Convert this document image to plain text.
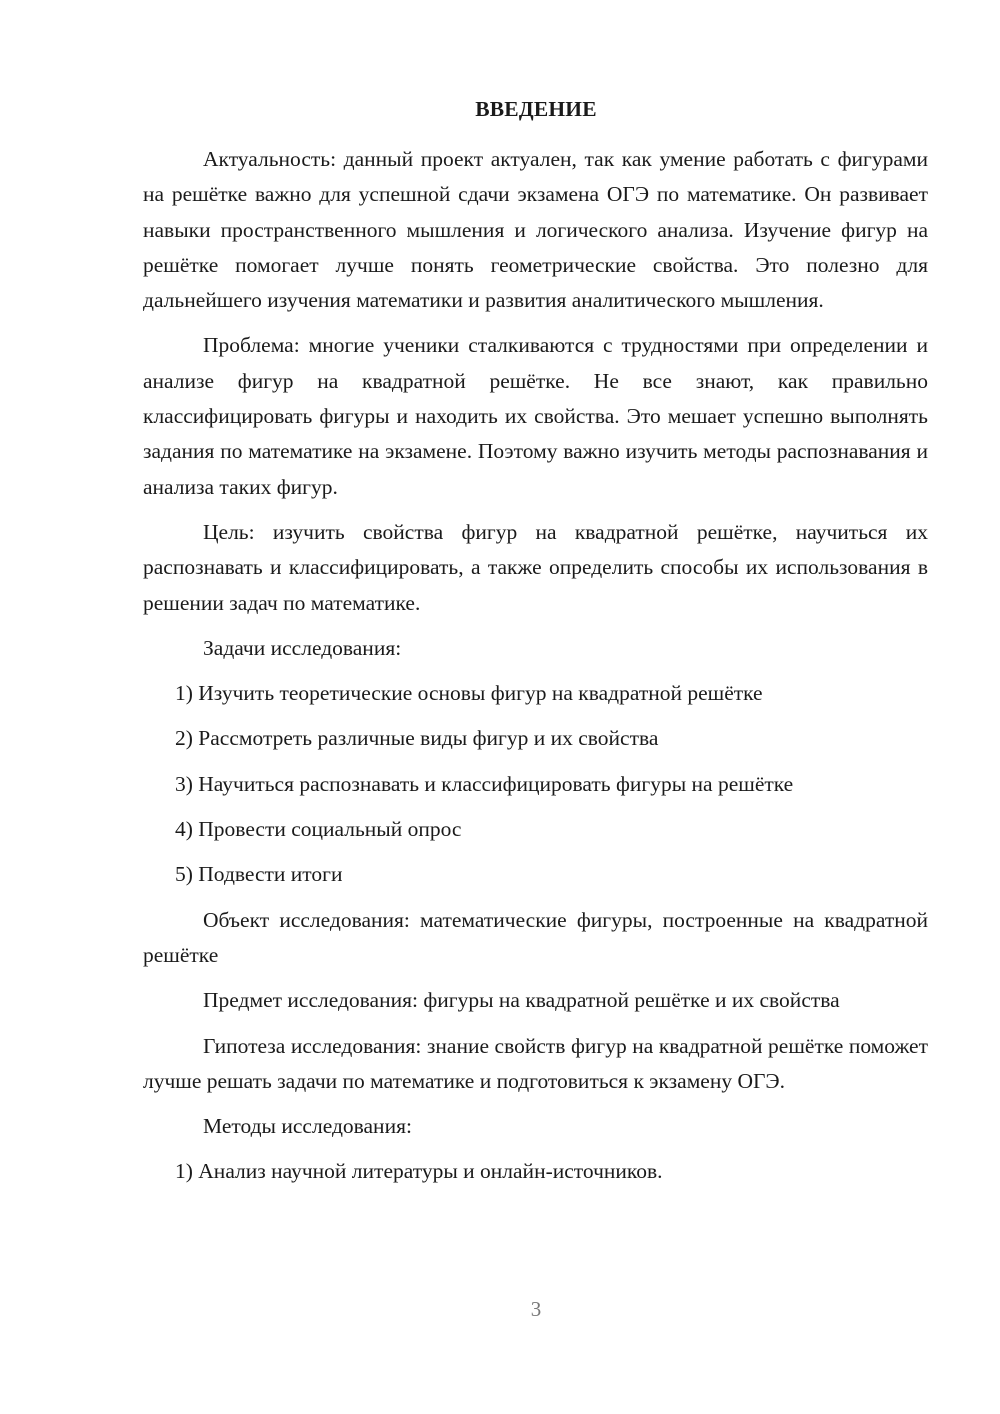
ВВЕДЕНИЕ

Актуальность: данный проект актуален, так как умение работать с фигурами на решётке важно для успешной сдачи экзамена ОГЭ по математике. Он развивает навыки пространственного мышления и логического анализа. Изучение фигур на решётке помогает лучше понять геометрические свойства. Это полезно для дальнейшего изучения математики и развития аналитического мышления.

Проблема: многие ученики сталкиваются с трудностями при определении и анализе фигур на квадратной решётке. Не все знают, как правильно классифицировать фигуры и находить их свойства. Это мешает успешно выполнять задания по математике на экзамене. Поэтому важно изучить методы распознавания и анализа таких фигур.

Цель: изучить свойства фигур на квадратной решётке, научиться их распознавать и классифицировать, а также определить способы их использования в решении задач по математике.

Задачи исследования:

1) Изучить теоретические основы фигур на квадратной решётке

2) Рассмотреть различные виды фигур и их свойства

3) Научиться распознавать и классифицировать фигуры на решётке

4) Провести социальный опрос

5) Подвести итоги

Объект исследования: математические фигуры, построенные на квадратной решётке

Предмет исследования: фигуры на квадратной решётке и их свойства

Гипотеза исследования: знание свойств фигур на квадратной решётке поможет лучше решать задачи по математике и подготовиться к экзамену ОГЭ.

Методы исследования:

1) Анализ научной литературы и онлайн-источников.

3
